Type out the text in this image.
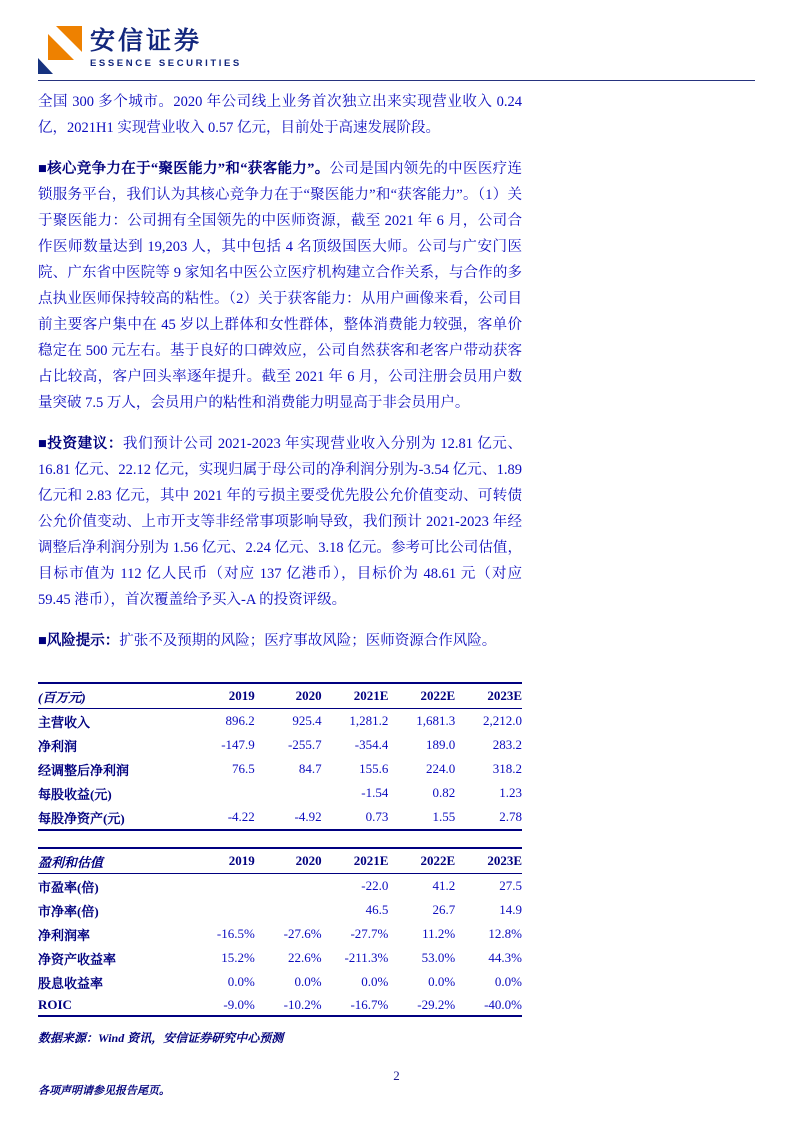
安信证券
ESSENCE SECURITIES

全国 300 多个城市。2020 年公司线上业务首次独立出来实现营业收入 0.24 亿，2021H1 实现营业收入 0.57 亿元，目前处于高速发展阶段。

■核心竞争力在于“聚医能力”和“获客能力”。公司是国内领先的中医医疗连锁服务平台，我们认为其核心竞争力在于“聚医能力”和“获客能力”。（1）关于聚医能力：公司拥有全国领先的中医师资源，截至 2021 年 6 月，公司合作医师数量达到 19,203 人，其中包括 4 名顶级国医大师。公司与广安门医院、广东省中医院等 9 家知名中医公立医疗机构建立合作关系，与合作的多点执业医师保持较高的粘性。（2）关于获客能力：从用户画像来看，公司目前主要客户集中在 45 岁以上群体和女性群体，整体消费能力较强，客单价稳定在 500 元左右。基于良好的口碑效应，公司自然获客和老客户带动获客占比较高，客户回头率逐年提升。截至 2021 年 6 月，公司注册会员用户数量突破 7.5 万人，会员用户的粘性和消费能力明显高于非会员用户。

■投资建议：我们预计公司 2021-2023 年实现营业收入分别为 12.81 亿元、16.81 亿元、22.12 亿元，实现归属于母公司的净利润分别为-3.54 亿元、1.89 亿元和 2.83 亿元，其中 2021 年的亏损主要受优先股公允价值变动、可转债公允价值变动、上市开支等非经常事项影响导致，我们预计 2021-2023 年经调整后净利润分别为 1.56 亿元、2.24 亿元、3.18 亿元。参考可比公司估值，目标市值为 112 亿人民币（对应 137 亿港币），目标价为 48.61 元（对应 59.45 港币），首次覆盖给予买入-A 的投资评级。

■风险提示：扩张不及预期的风险；医疗事故风险；医师资源合作风险。

(百万元)	2019	2020	2021E	2022E	2023E
主营收入	896.2	925.4	1,281.2	1,681.3	2,212.0
净利润	-147.9	-255.7	-354.4	189.0	283.2
经调整后净利润	76.5	84.7	155.6	224.0	318.2
每股收益(元)			-1.54	0.82	1.23
每股净资产(元)	-4.22	-4.92	0.73	1.55	2.78
盈利和估值	2019	2020	2021E	2022E	2023E
市盈率(倍)			-22.0	41.2	27.5
市净率(倍)			46.5	26.7	14.9
净利润率	-16.5%	-27.6%	-27.7%	11.2%	12.8%
净资产收益率	15.2%	22.6%	-211.3%	53.0%	44.3%
股息收益率	0.0%	0.0%	0.0%	0.0%	0.0%
ROIC	-9.0%	-10.2%	-16.7%	-29.2%	-40.0%

数据来源：Wind 资讯，安信证券研究中心预测

2
各项声明请参见报告尾页。
